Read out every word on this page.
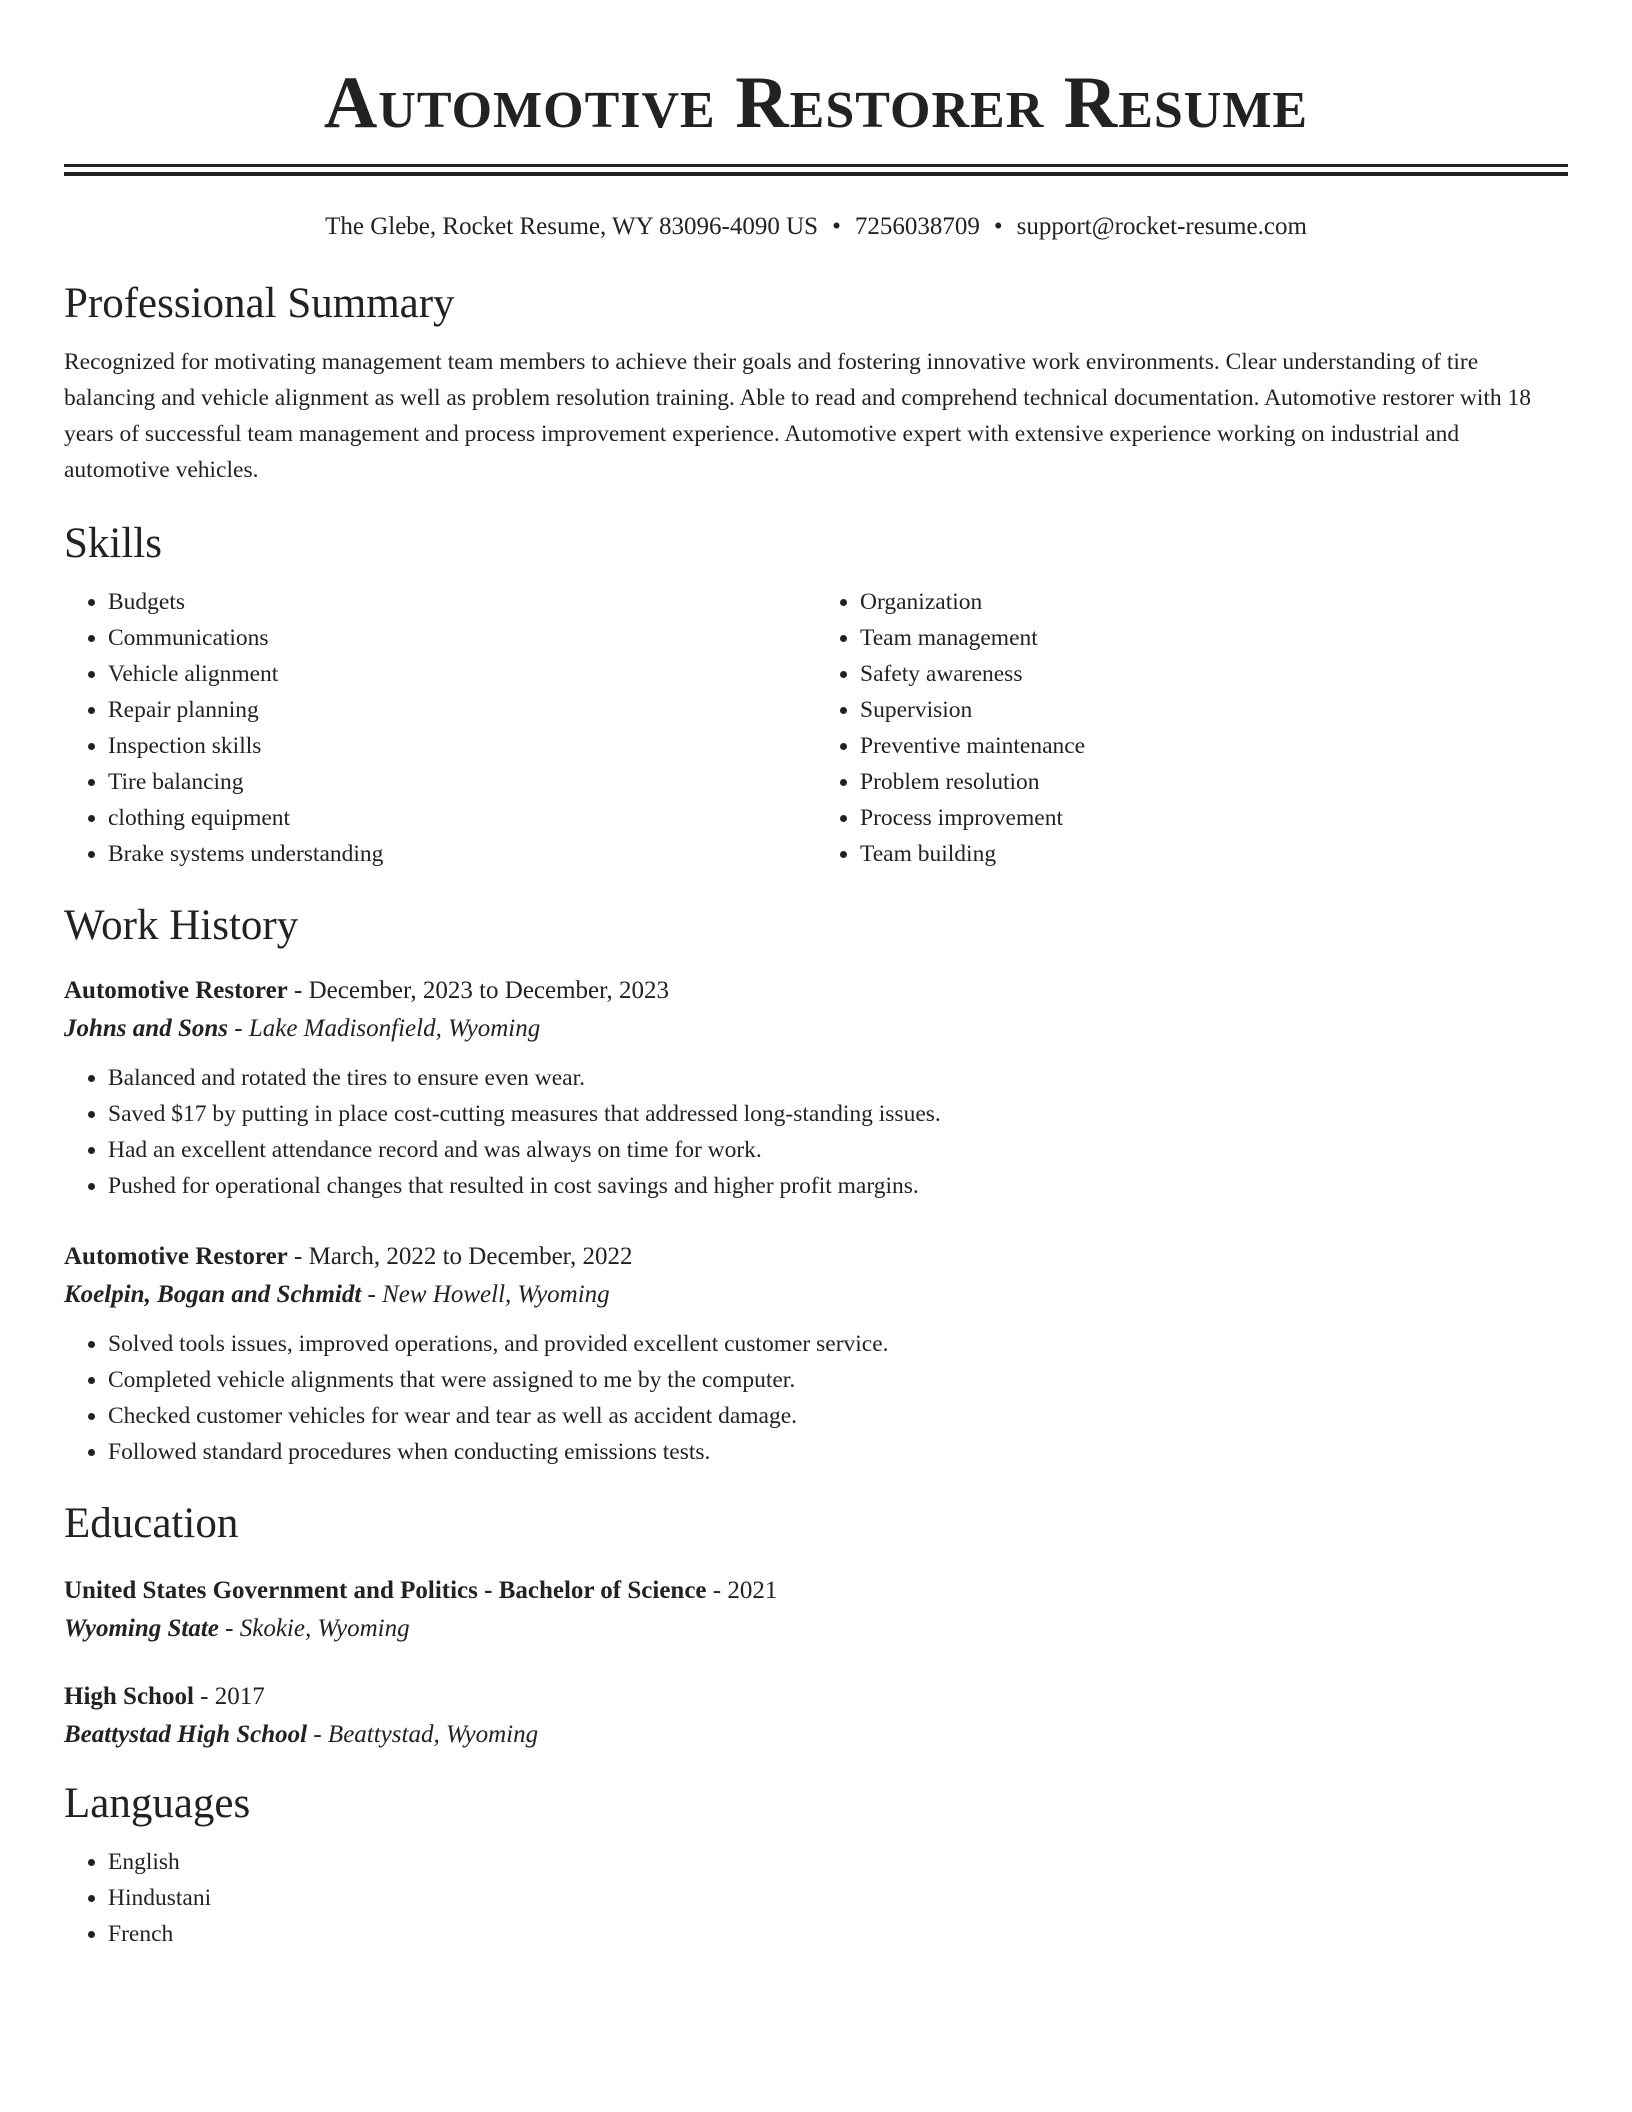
Automotive Restorer Resume
The Glebe, Rocket Resume, WY 83096-4090 US • 7256038709 • support@rocket-resume.com
Professional Summary

Recognized for motivating management team members to achieve their goals and fostering innovative work environments. Clear understanding of tire balancing and vehicle alignment as well as problem resolution training. Able to read and comprehend technical documentation. Automotive restorer with 18 years of successful team management and process improvement experience. Automotive expert with extensive experience working on industrial and automotive vehicles.

Skills
• Budgets
• Communications
• Vehicle alignment
• Repair planning
• Inspection skills
• Tire balancing
• clothing equipment
• Brake systems understanding
• Organization
• Team management
• Safety awareness
• Supervision
• Preventive maintenance
• Problem resolution
• Process improvement
• Team building
Work History
Automotive Restorer - December, 2023 to December, 2023
Johns and Sons - Lake Madisonfield, Wyoming
• Balanced and rotated the tires to ensure even wear.
• Saved $17 by putting in place cost-cutting measures that addressed long-standing issues.
• Had an excellent attendance record and was always on time for work.
• Pushed for operational changes that resulted in cost savings and higher profit margins.
Automotive Restorer - March, 2022 to December, 2022
Koelpin, Bogan and Schmidt - New Howell, Wyoming
• Solved tools issues, improved operations, and provided excellent customer service.
• Completed vehicle alignments that were assigned to me by the computer.
• Checked customer vehicles for wear and tear as well as accident damage.
• Followed standard procedures when conducting emissions tests.
Education
United States Government and Politics - Bachelor of Science - 2021
Wyoming State - Skokie, Wyoming
High School - 2017
Beattystad High School - Beattystad, Wyoming
Languages
• English
• Hindustani
• French
